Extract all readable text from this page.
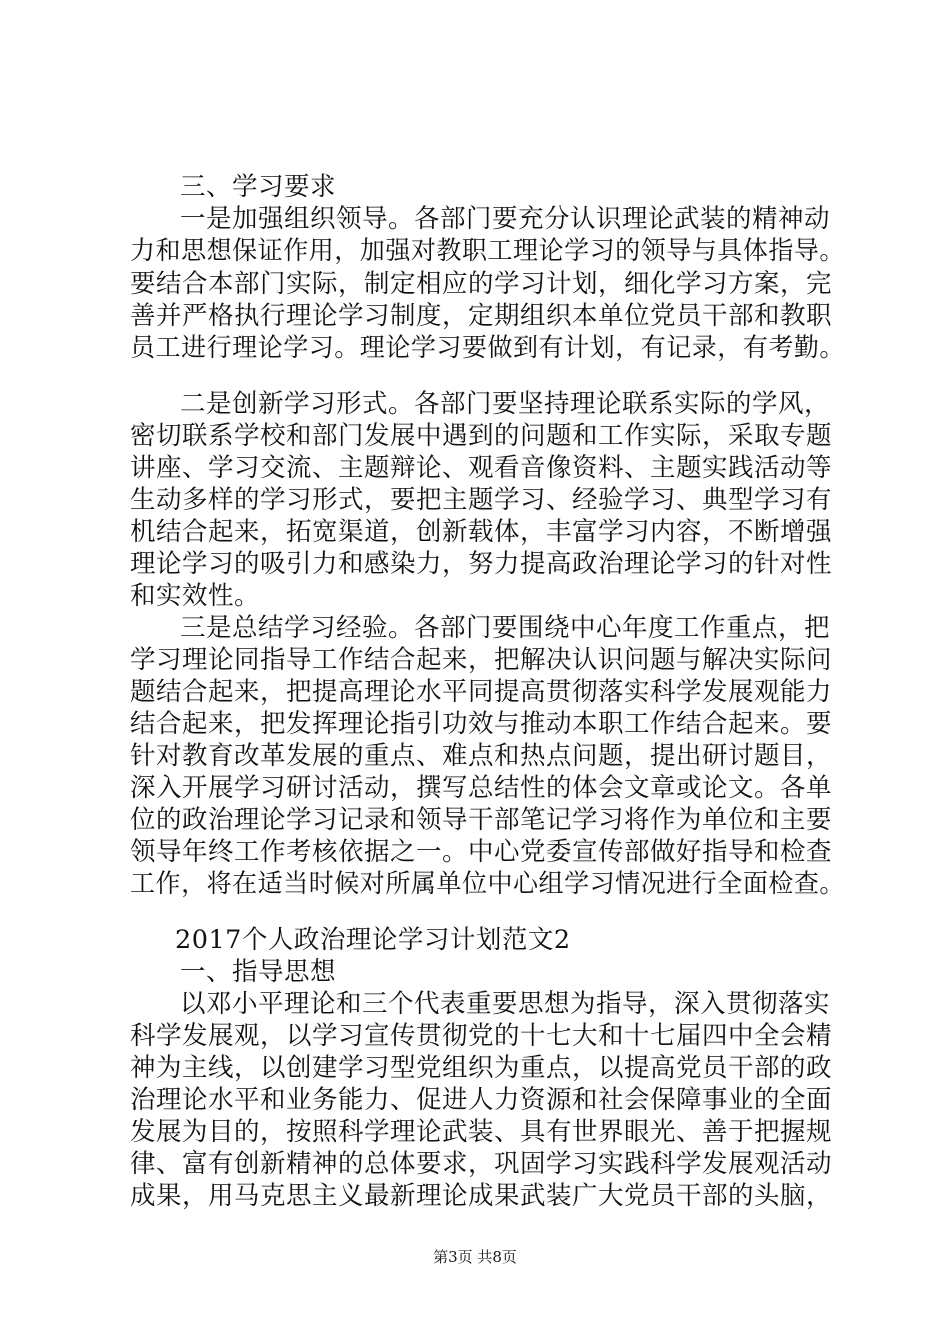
三、学习要求
一是加强组织领导。各部门要充分认识理论武装的精神动
力和思想保证作用，加强对教职工理论学习的领导与具体指导。
要结合本部门实际，制定相应的学习计划，细化学习方案，完
善并严格执行理论学习制度，定期组织本单位党员干部和教职
员工进行理论学习。理论学习要做到有计划，有记录，有考勤。
二是创新学习形式。各部门要坚持理论联系实际的学风，
密切联系学校和部门发展中遇到的问题和工作实际，采取专题
讲座、学习交流、主题辩论、观看音像资料、主题实践活动等
生动多样的学习形式，要把主题学习、经验学习、典型学习有
机结合起来，拓宽渠道，创新载体，丰富学习内容，不断增强
理论学习的吸引力和感染力，努力提高政治理论学习的针对性
和实效性。
三是总结学习经验。各部门要围绕中心年度工作重点，把
学习理论同指导工作结合起来，把解决认识问题与解决实际问
题结合起来，把提高理论水平同提高贯彻落实科学发展观能力
结合起来，把发挥理论指引功效与推动本职工作结合起来。要
针对教育改革发展的重点、难点和热点问题，提出研讨题目，
深入开展学习研讨活动，撰写总结性的体会文章或论文。各单
位的政治理论学习记录和领导干部笔记学习将作为单位和主要
领导年终工作考核依据之一。中心党委宣传部做好指导和检查
工作，将在适当时候对所属单位中心组学习情况进行全面检查。
2017个人政治理论学习计划范文2
一、指导思想
以邓小平理论和三个代表重要思想为指导，深入贯彻落实
科学发展观，以学习宣传贯彻党的十七大和十七届四中全会精
神为主线，以创建学习型党组织为重点，以提高党员干部的政
治理论水平和业务能力、促进人力资源和社会保障事业的全面
发展为目的，按照科学理论武装、具有世界眼光、善于把握规
律、富有创新精神的总体要求，巩固学习实践科学发展观活动
成果，用马克思主义最新理论成果武装广大党员干部的头脑，
第3页 共8页
